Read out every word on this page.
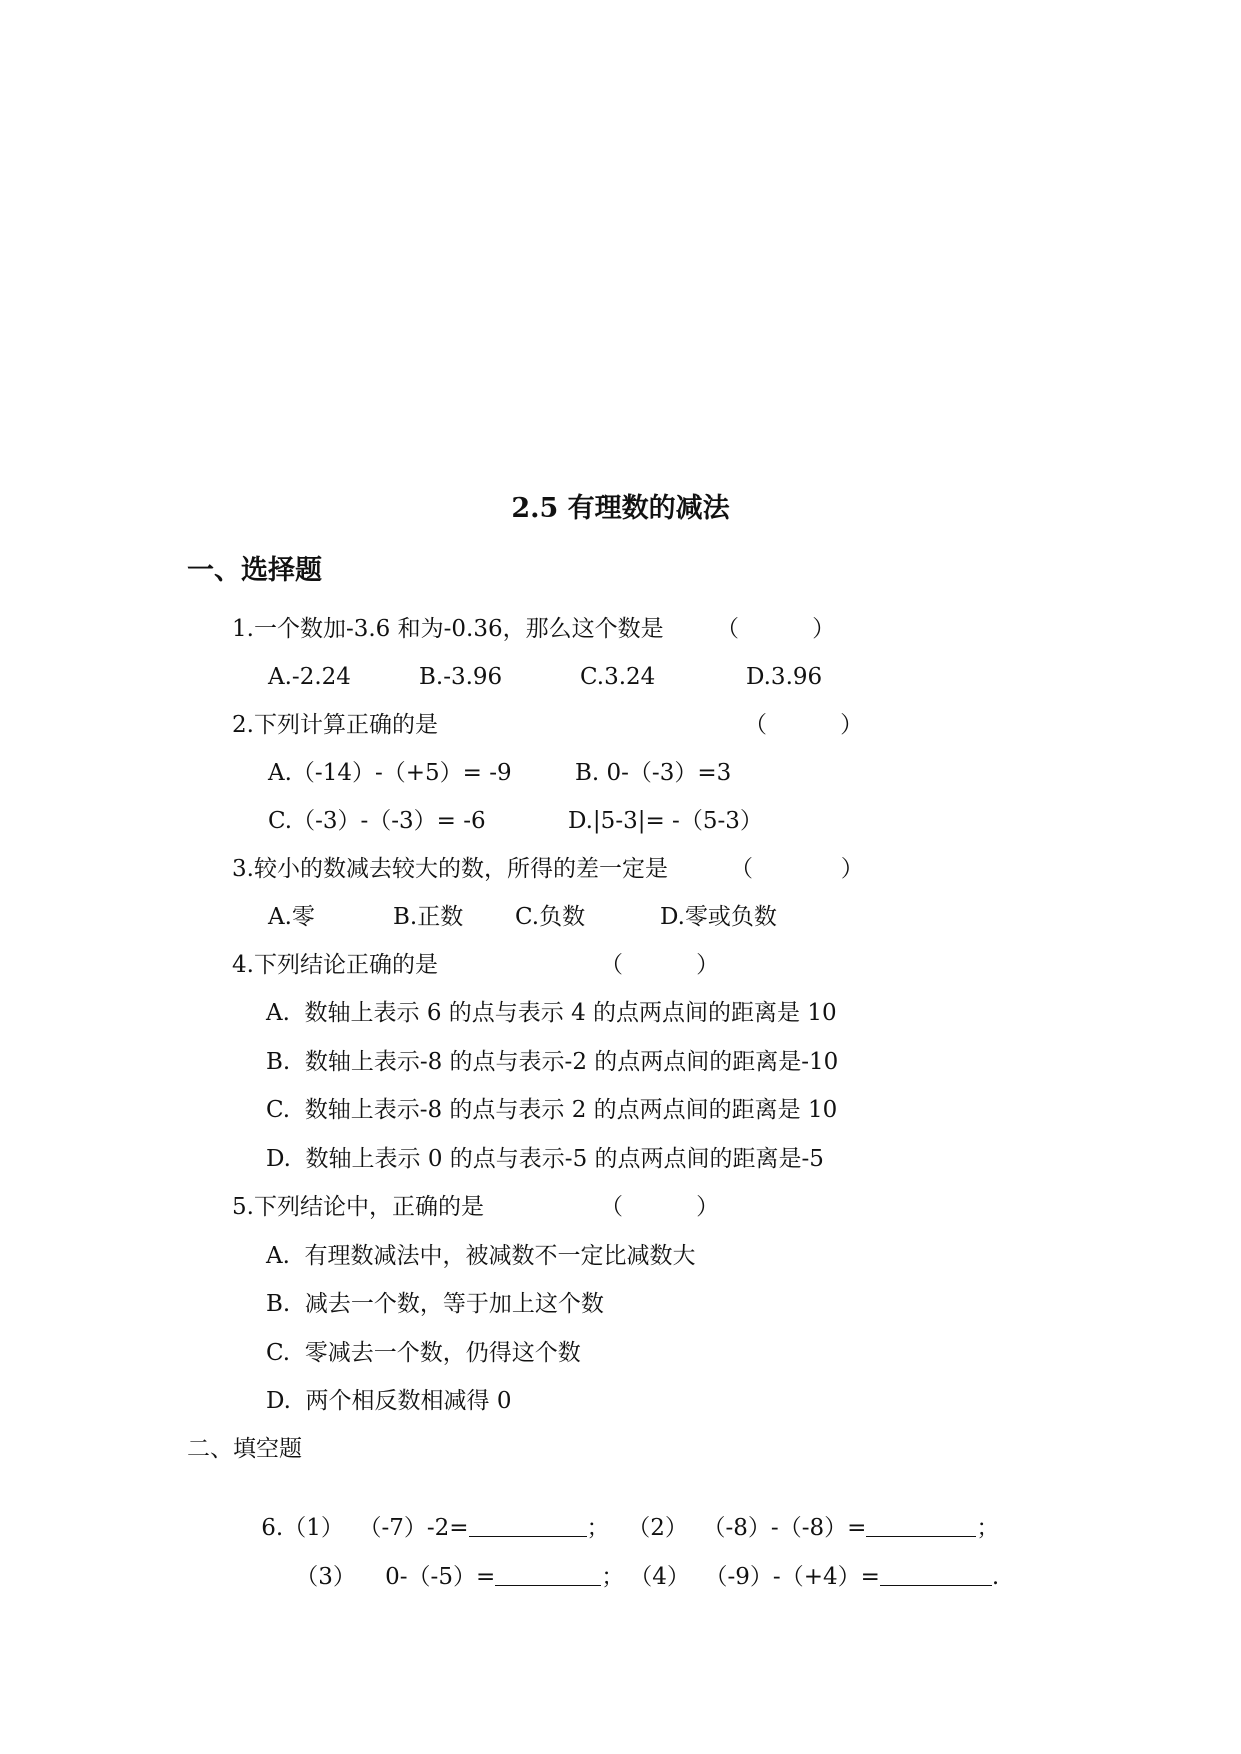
2.5 有理数的减法
一、选择题
1.一个数加-3.6 和为-0.36，那么这个数是 （          ）
A.-2.24	B.-3.96	C.3.24	D.3.96
2.下列计算正确的是	（          ）
A.（-14）-（+5）= -9	B. 0-（-3）=3
C.（-3）-（-3）= -6	D.|5-3|= -（5-3）
3.较小的数减去较大的数，所得的差一定是	（            ）
A.零	B.正数 C.负数	D.零或负数
4.下列结论正确的是	（          ）
A.  数轴上表示 6 的点与表示 4 的点两点间的距离是 10
B.  数轴上表示-8 的点与表示-2 的点两点间的距离是-10
C.  数轴上表示-8 的点与表示 2 的点两点间的距离是 10
D.  数轴上表示 0 的点与表示-5 的点两点间的距离是-5
5.下列结论中，正确的是	（          ）
A.  有理数减法中，被减数不一定比减数大
B.  减去一个数，等于加上这个数
C.  零减去一个数，仍得这个数
D.  两个相反数相减得 0
二、填空题

6.（1） （-7）-2=	；
（2） （-8）-（-8）=	；

（3） 0-（-5）=	；
（4） （-9）-（+4）=	.
